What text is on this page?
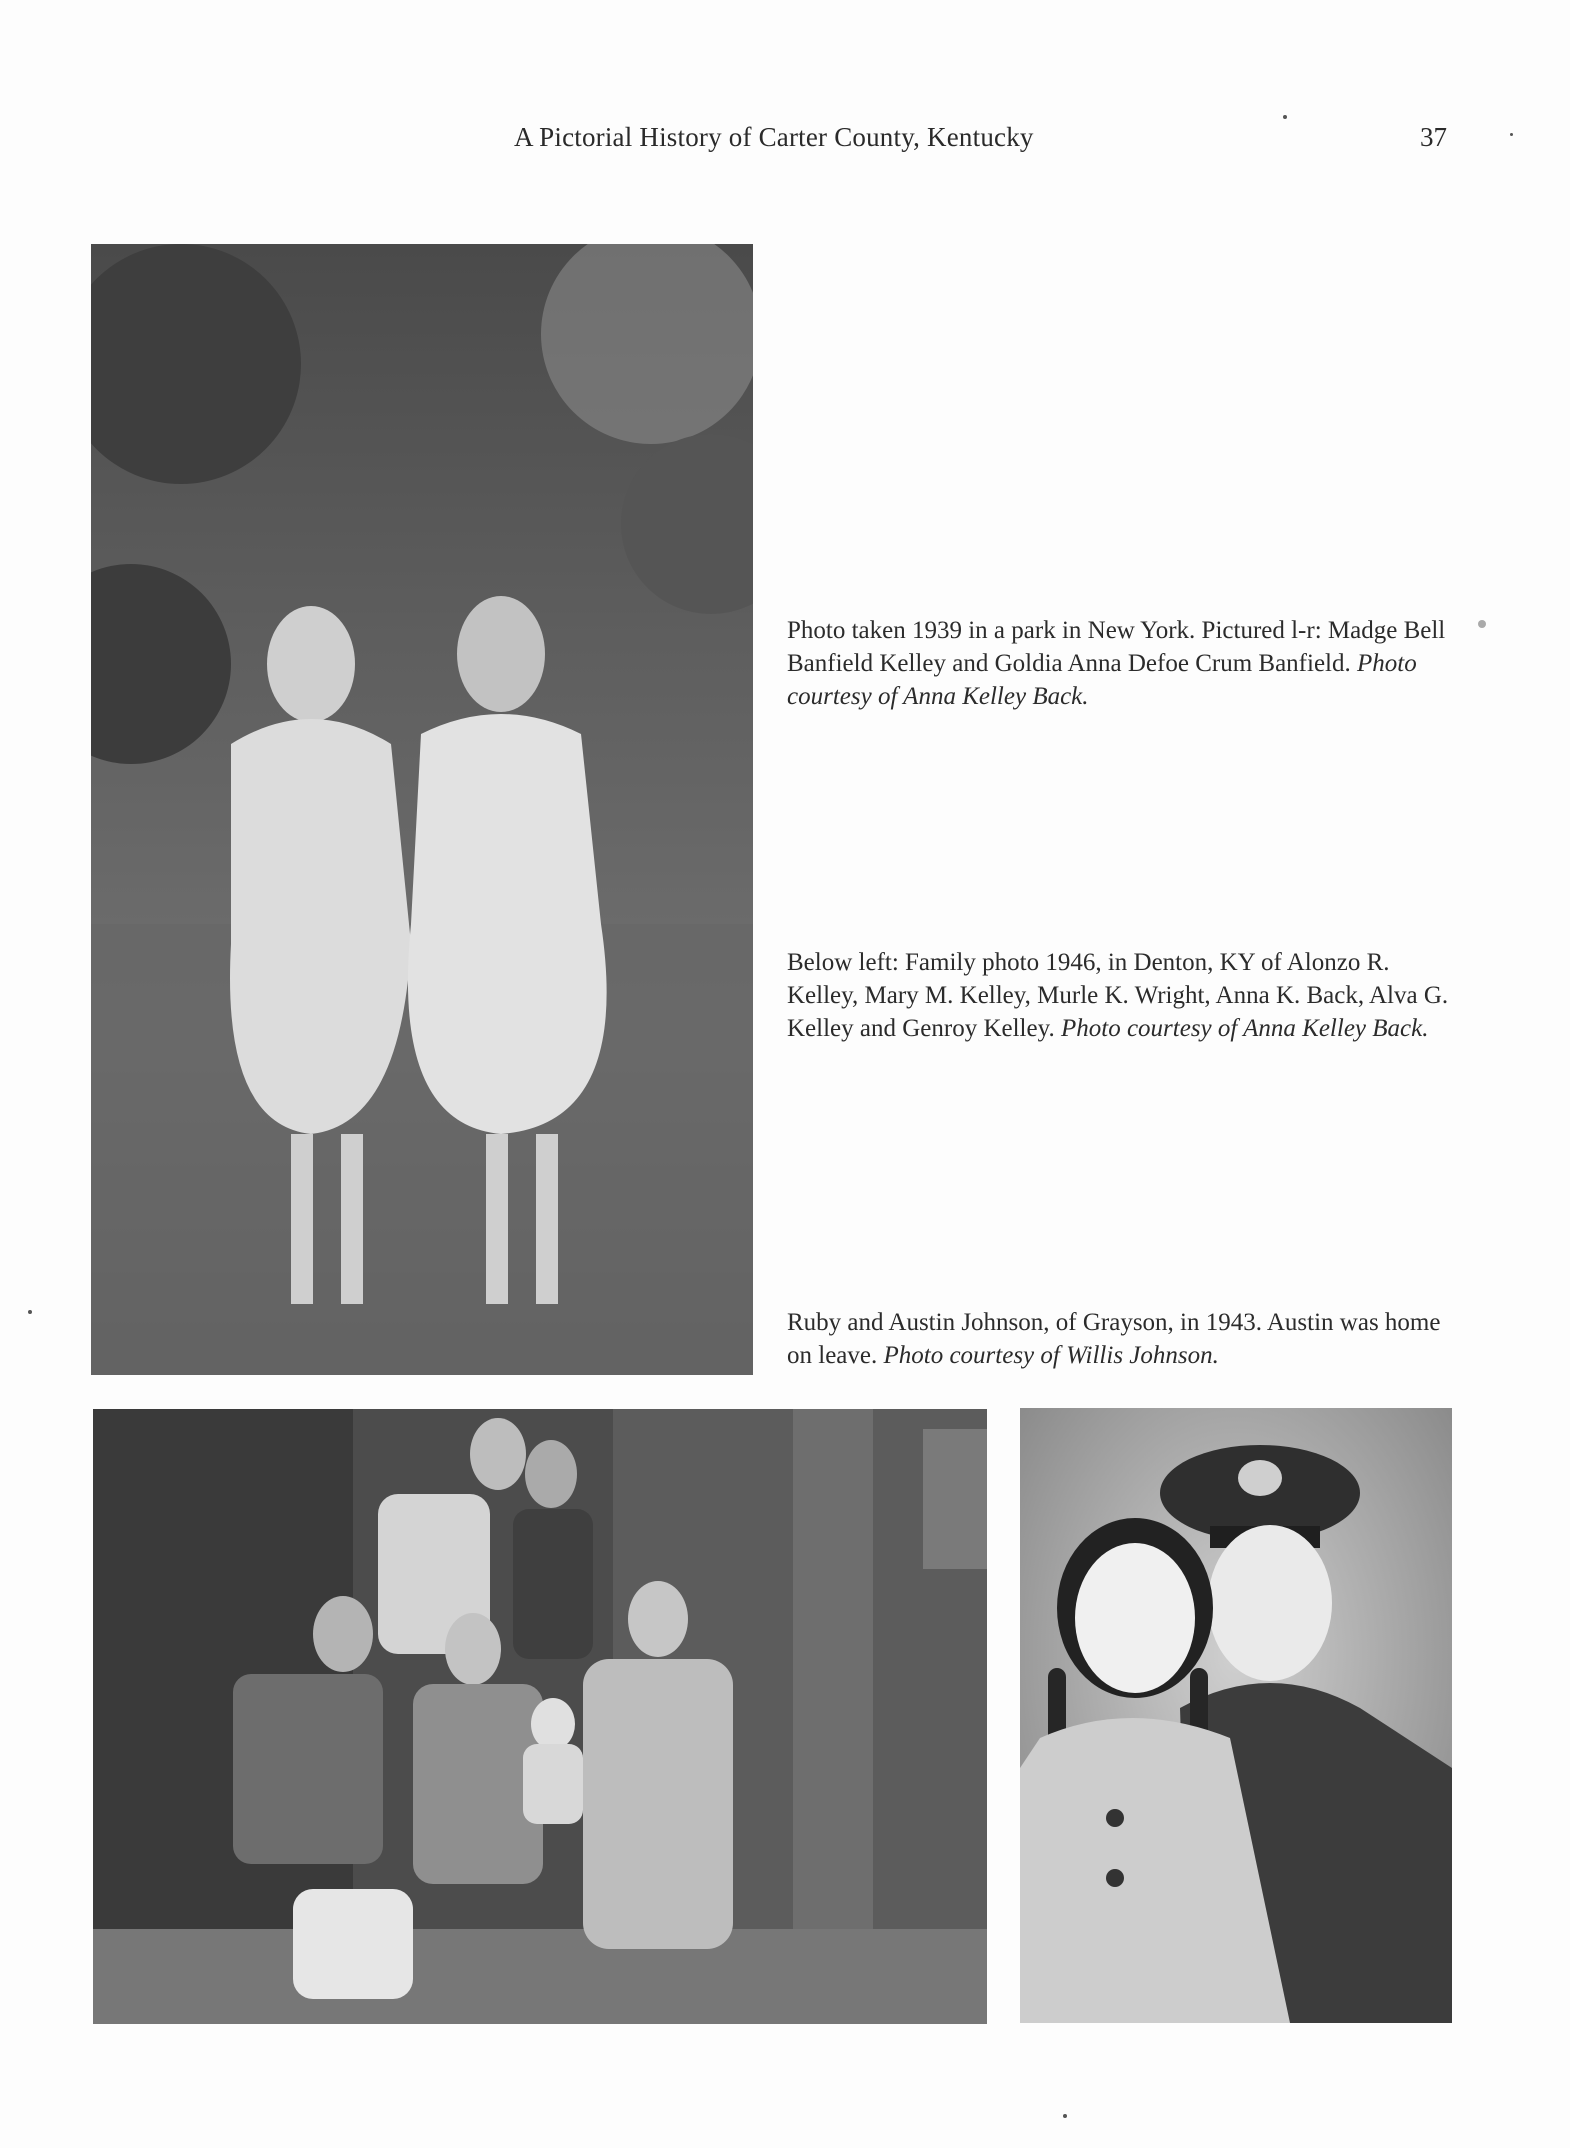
A Pictorial History of Carter County, Kentucky	37
Photo taken 1939 in a park in New York. Pictured l-r: Madge Bell Banfield Kelley and Goldia Anna Defoe Crum Banfield. Photo courtesy of Anna Kelley Back.
Below left: Family photo 1946, in Denton, KY of Alonzo R. Kelley, Mary M. Kelley, Murle K. Wright, Anna K. Back, Alva G. Kelley and Genroy Kelley. Photo courtesy of Anna Kelley Back.
Ruby and Austin Johnson, of Grayson, in 1943. Austin was home on leave. Photo courtesy of Willis Johnson.
